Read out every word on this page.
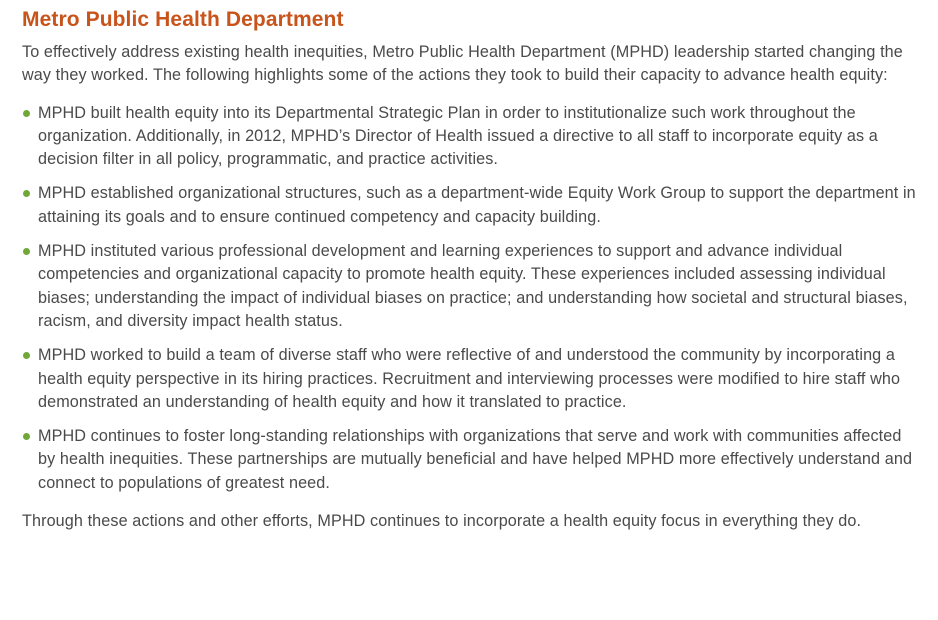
Metro Public Health Department

To effectively address existing health inequities, Metro Public Health Department (MPHD) leadership started changing the way they worked. The following highlights some of the actions they took to build their capacity to advance health equity:

MPHD built health equity into its Departmental Strategic Plan in order to institutionalize such work throughout the organization. Additionally, in 2012, MPHD’s Director of Health issued a directive to all staff to incorporate equity as a decision filter in all policy, programmatic, and practice activities.
MPHD established organizational structures, such as a department-wide Equity Work Group to support the department in attaining its goals and to ensure continued competency and capacity building.
MPHD instituted various professional development and learning experiences to support and advance individual competencies and organizational capacity to promote health equity. These experiences included assessing individual biases; understanding the impact of individual biases on practice; and understanding how societal and structural biases, racism, and diversity impact health status.
MPHD worked to build a team of diverse staff who were reflective of and understood the community by incorporating a health equity perspective in its hiring practices. Recruitment and interviewing processes were modified to hire staff who demonstrated an understanding of health equity and how it translated to practice.
MPHD continues to foster long-standing relationships with organizations that serve and work with communities affected by health inequities. These partnerships are mutually beneficial and have helped MPHD more effectively understand and connect to populations of greatest need.

Through these actions and other efforts, MPHD continues to incorporate a health equity focus in everything they do.
